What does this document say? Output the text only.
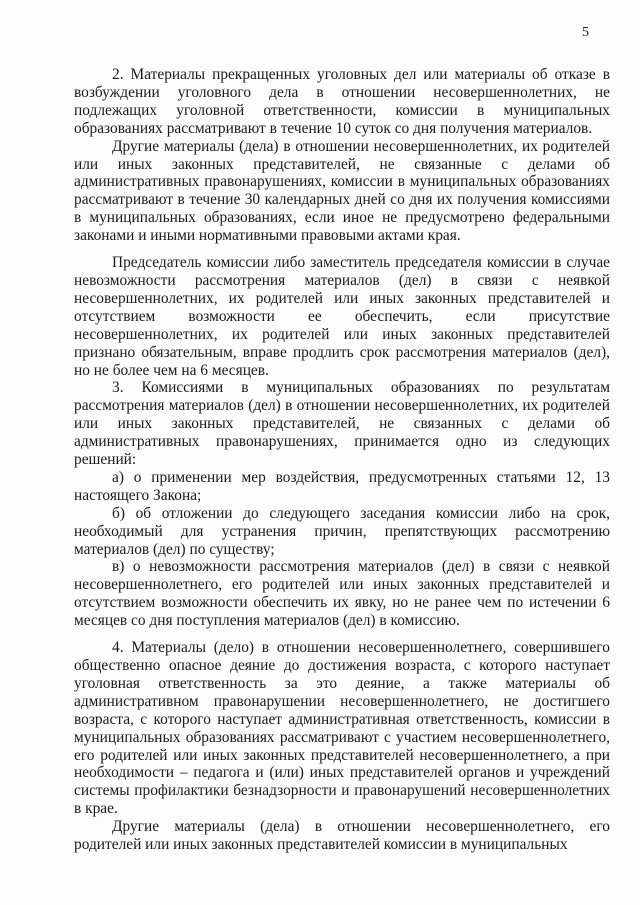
5

2. Материалы прекращенных уголовных дел или материалы об отказе в возбуждении уголовного дела в отношении несовершеннолетних, не подлежащих уголовной ответственности, комиссии в муниципальных образованиях рассматривают в течение 10 суток со дня получения материалов.

Другие материалы (дела) в отношении несовершеннолетних, их родителей или иных законных представителей, не связанные с делами об административных правонарушениях, комиссии в муниципальных образованиях рассматривают в течение 30 календарных дней со дня их получения комиссиями в муниципальных образованиях, если иное не предусмотрено федеральными законами и иными нормативными правовыми актами края.

Председатель комиссии либо заместитель председателя комиссии в случае невозможности рассмотрения материалов (дел) в связи с неявкой несовершеннолетних, их родителей или иных законных представителей и отсутствием возможности ее обеспечить, если присутствие несовершеннолетних, их родителей или иных законных представителей признано обязательным, вправе продлить срок рассмотрения материалов (дел), но не более чем на 6 месяцев.

3. Комиссиями в муниципальных образованиях по результатам рассмотрения материалов (дел) в отношении несовершеннолетних, их родителей или иных законных представителей, не связанных с делами об административных правонарушениях, принимается одно из следующих решений:

а) о применении мер воздействия, предусмотренных статьями 12, 13 настоящего Закона;

б) об отложении до следующего заседания комиссии либо на срок, необходимый для устранения причин, препятствующих рассмотрению материалов (дел) по существу;

в) о невозможности рассмотрения материалов (дел) в связи с неявкой несовершеннолетнего, его родителей или иных законных представителей и отсутствием возможности обеспечить их явку, но не ранее чем по истечении 6 месяцев со дня поступления материалов (дел) в комиссию.

4. Материалы (дело) в отношении несовершеннолетнего, совершившего общественно опасное деяние до достижения возраста, с которого наступает уголовная ответственность за это деяние, а также материалы об административном правонарушении несовершеннолетнего, не достигшего возраста, с которого наступает административная ответственность, комиссии в муниципальных образованиях рассматривают с участием несовершеннолетнего, его родителей или иных законных представителей несовершеннолетнего, а при необходимости – педагога и (или) иных представителей органов и учреждений системы профилактики безнадзорности и правонарушений несовершеннолетних в крае.

Другие материалы (дела) в отношении несовершеннолетнего, его родителей или иных законных представителей комиссии в муниципальных
